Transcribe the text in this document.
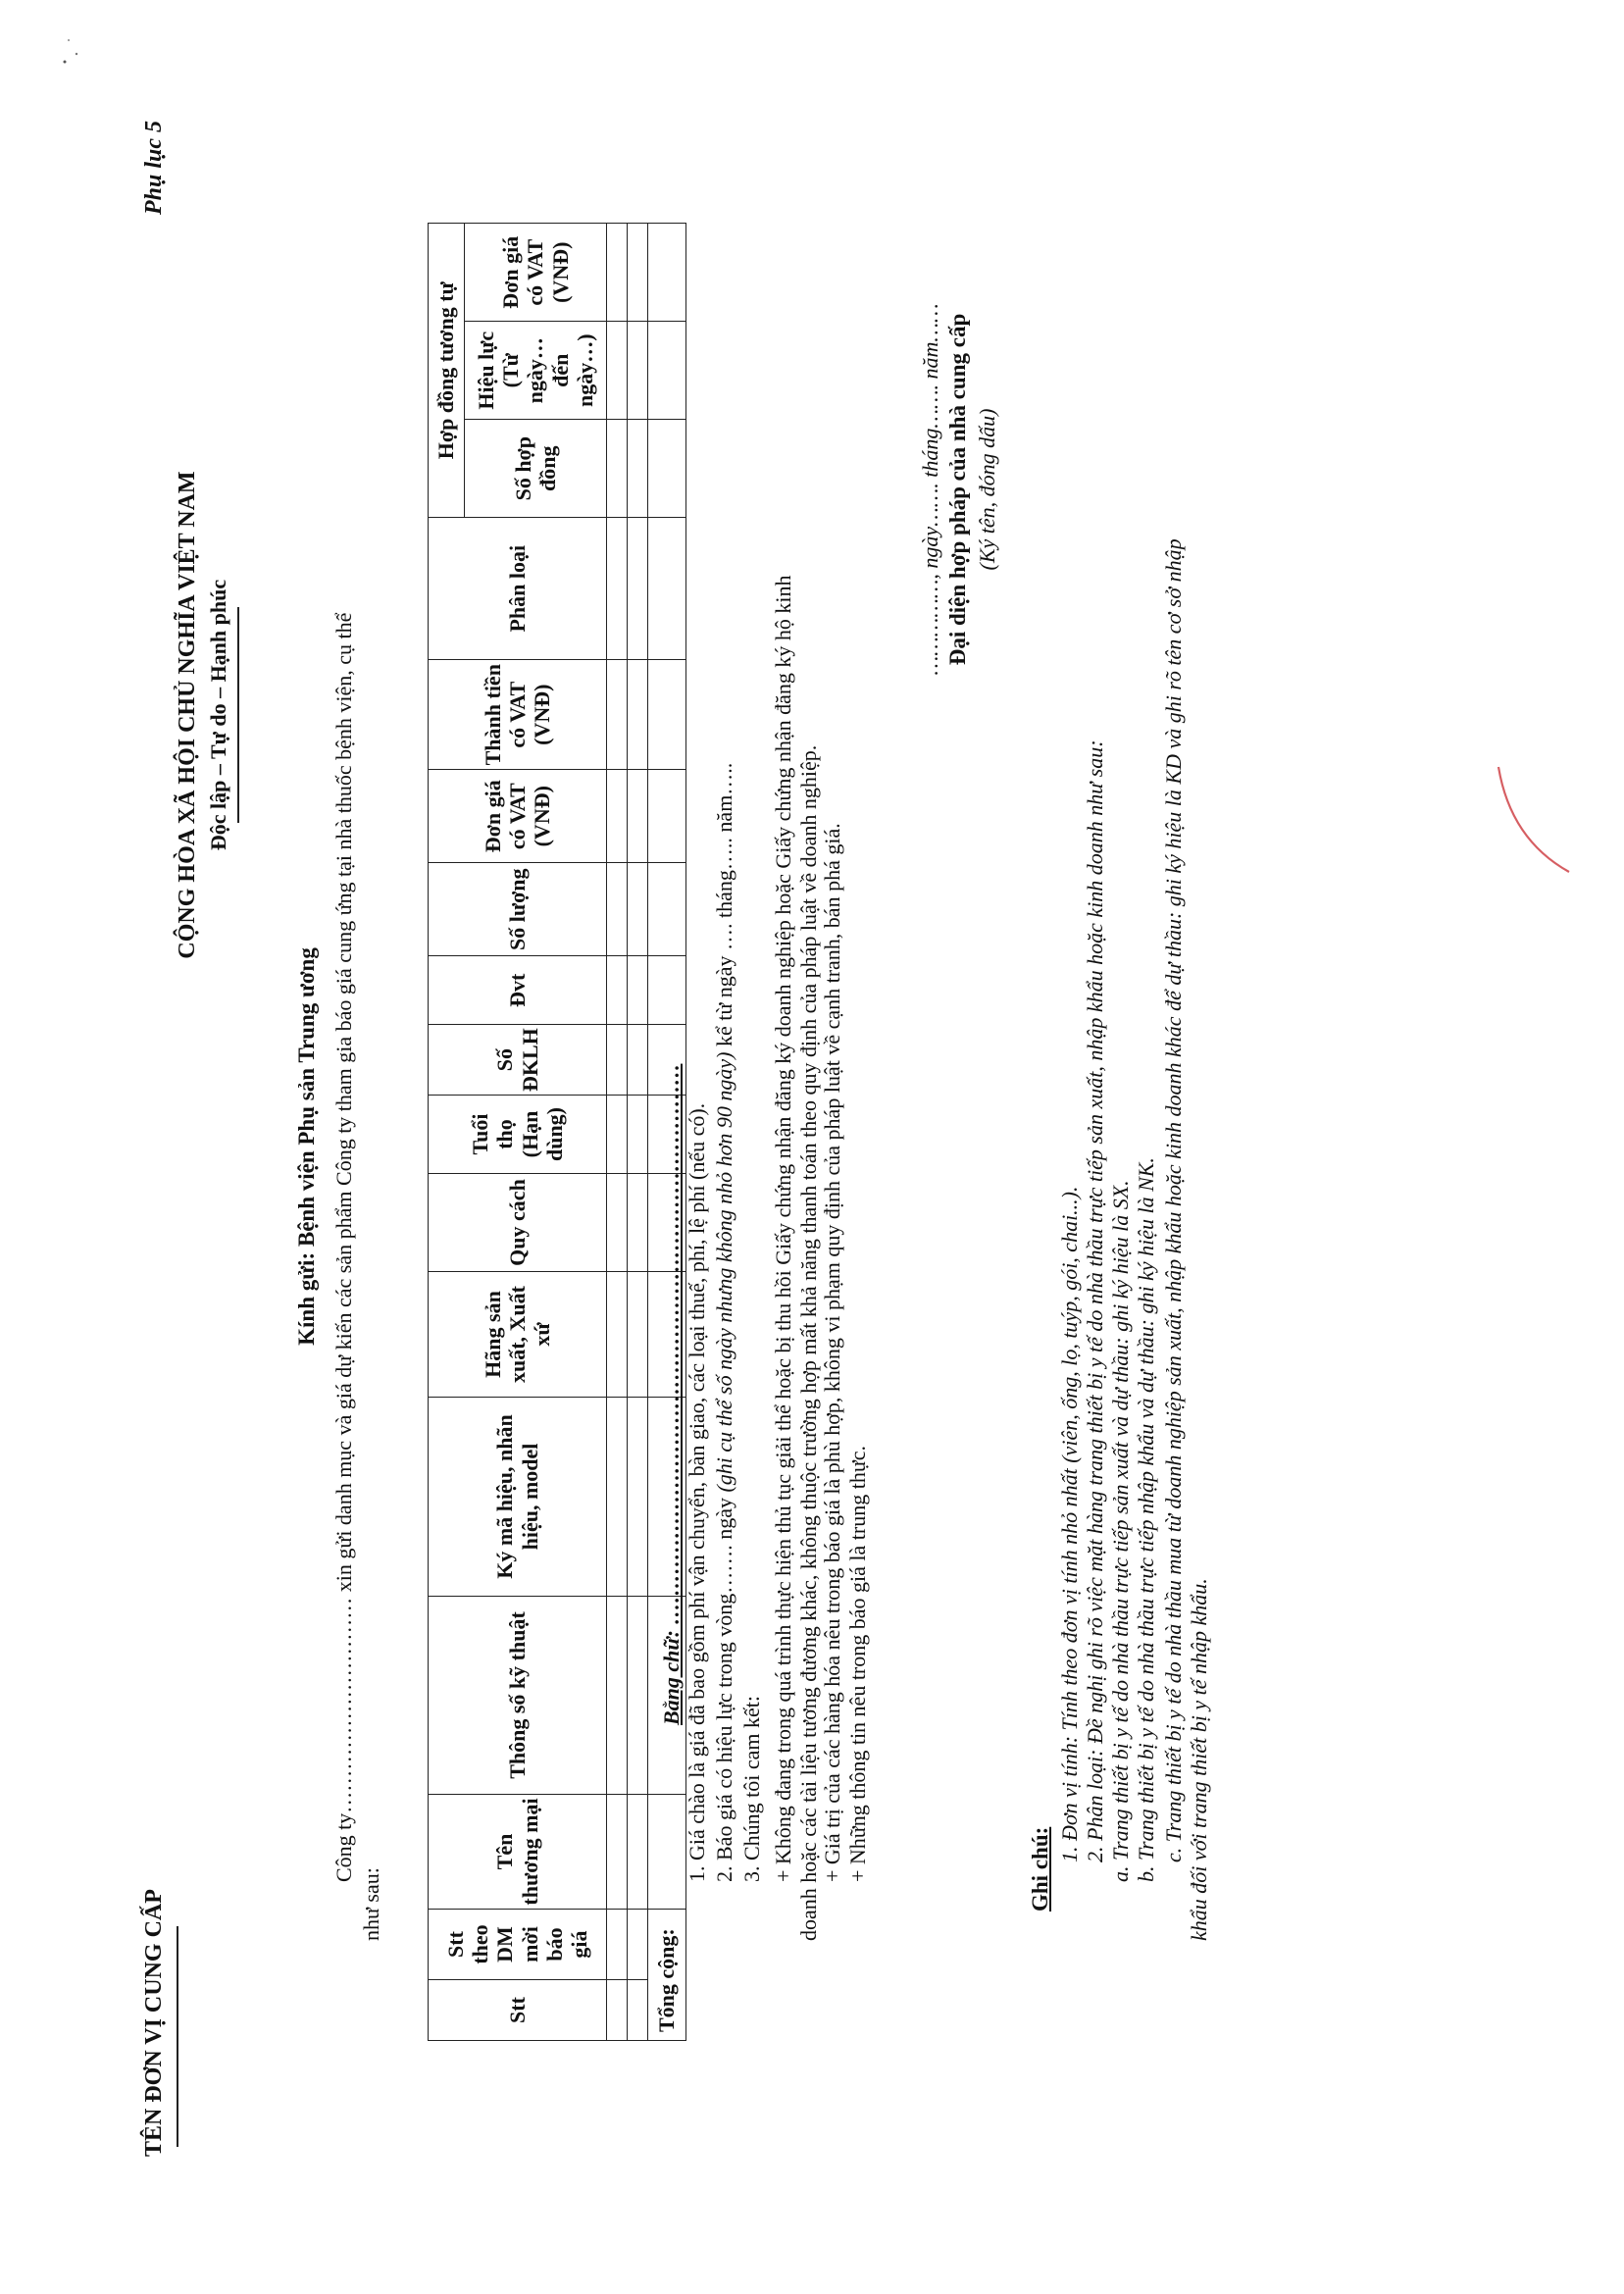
TÊN ĐƠN VỊ CUNG CẤP
CỘNG HÒA XÃ HỘI CHỦ NGHĨA VIỆT NAM Độc lập – Tự do – Hạnh phúc
Phụ lục 5
Kính gửi: Bệnh viện Phụ sản Trung ương Công ty………………………… xin gửi danh mục và giá dự kiến các sản phẩm Công ty tham gia báo giá cung ứng tại nhà thuốc bệnh viện, cụ thể
như sau:
Stt	Stt theo DM mời báo giá	Tên thương mại	Thông số kỹ thuật	Ký mã hiệu, nhãn hiệu, model	Hãng sản xuất, Xuất xứ	Quy cách	Tuổi thọ (Hạn dùng)	Số ĐKLH	Đvt	Số lượng	Đơn giá có VAT (VNĐ)	Thành tiền có VAT (VNĐ)	Phân loại	Hợp đồng tương tự		
														Số hợp đồng	Hiệu lực (Từ ngày… đến ngày…)	Đơn giá có VAT (VNĐ)

Tổng cộng:																
Bằng chữ: …………………………………………………………………… 1. Giá chào là giá đã bao gồm phí vận chuyển, bàn giao, các loại thuế, phí, lệ phí (nếu có). 2. Báo giá có hiệu lực trong vòng……. ngày (ghi cụ thể số ngày nhưng không nhỏ hơn 90 ngày) kể từ ngày …. tháng….. năm…..
3. Chúng tôi cam kết: + Không đang trong quá trình thực hiện thủ tục giải thể hoặc bị thu hồi Giấy chứng nhận đăng ký doanh nghiệp hoặc Giấy chứng nhận đăng ký hộ kinh doanh hoặc các tài liệu tương đương khác, không thuộc trường hợp mất khả năng thanh toán theo quy định của pháp luật về doanh nghiệp. + Giá trị của các hàng hóa nêu trong báo giá là phù hợp, không vi phạm quy định của pháp luật về cạnh tranh, bán phá giá. + Những thông tin nêu trong báo giá là trung thực.
……………, ngày……. tháng……. năm…… Đại diện hợp pháp của nhà cung cấp (Ký tên, đóng dấu)
Ghi chú:
1. Đơn vị tính: Tính theo đơn vị tính nhỏ nhất (viên, ống, lọ, tuýp, gói, chai...). 2. Phân loại: Đề nghị ghi rõ việc mặt hàng trang thiết bị y tế do nhà thầu trực tiếp sản xuất, nhập khẩu hoặc kinh doanh như sau: a. Trang thiết bị y tế do nhà thầu trực tiếp sản xuất và dự thầu: ghi ký hiệu là SX. b. Trang thiết bị y tế do nhà thầu trực tiếp nhập khẩu và dự thầu: ghi ký hiệu là NK. c. Trang thiết bị y tế do nhà thầu mua từ doanh nghiệp sản xuất, nhập khẩu hoặc kinh doanh khác để dự thầu: ghi ký hiệu là KD và ghi rõ tên cơ sở nhập khẩu đối với trang thiết bị y tế nhập khẩu.
